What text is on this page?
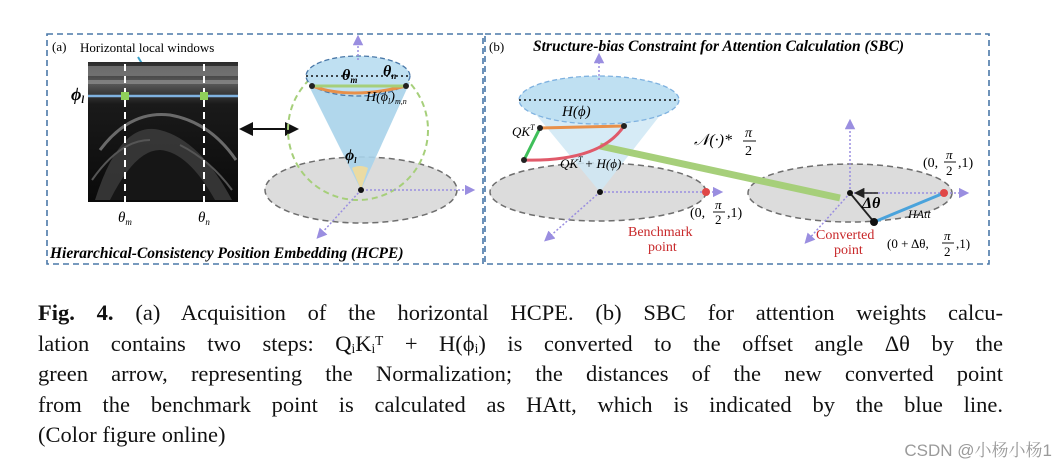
(a) Horizontal local windows
ϕl
$\theta_m$	$\theta_n$
θm θn
$H(\phi_l)_{m,n}$
ϕl
Hierarchical-Consistency Position Embedding (HCPE)
(b) Structure-bias Constraint for Attention Calculation (SBC)
H(ϕ)
$QK^T$
$QK^T + H(\phi)$
𝒩(·)* π
2
(0,
π
2 ,1)
Benchmark
point
(0,
π
2 ,1)
Δθ
HAtt
Converted
point (0 + Δθ,
π
2
,1)
Fig. 4. (a) Acquisition of the horizontal HCPE. (b) SBC for attention weights calcu-
lation contains two steps: QᵢKᵢᵀ + H(ϕᵢ) is converted to the offset angle Δθ by the
green arrow, representing the Normalization; the distances of the new converted point
from the benchmark point is calculated as HAtt, which is indicated by the blue line.
(Color figure online)
CSDN @小杨小杨1
